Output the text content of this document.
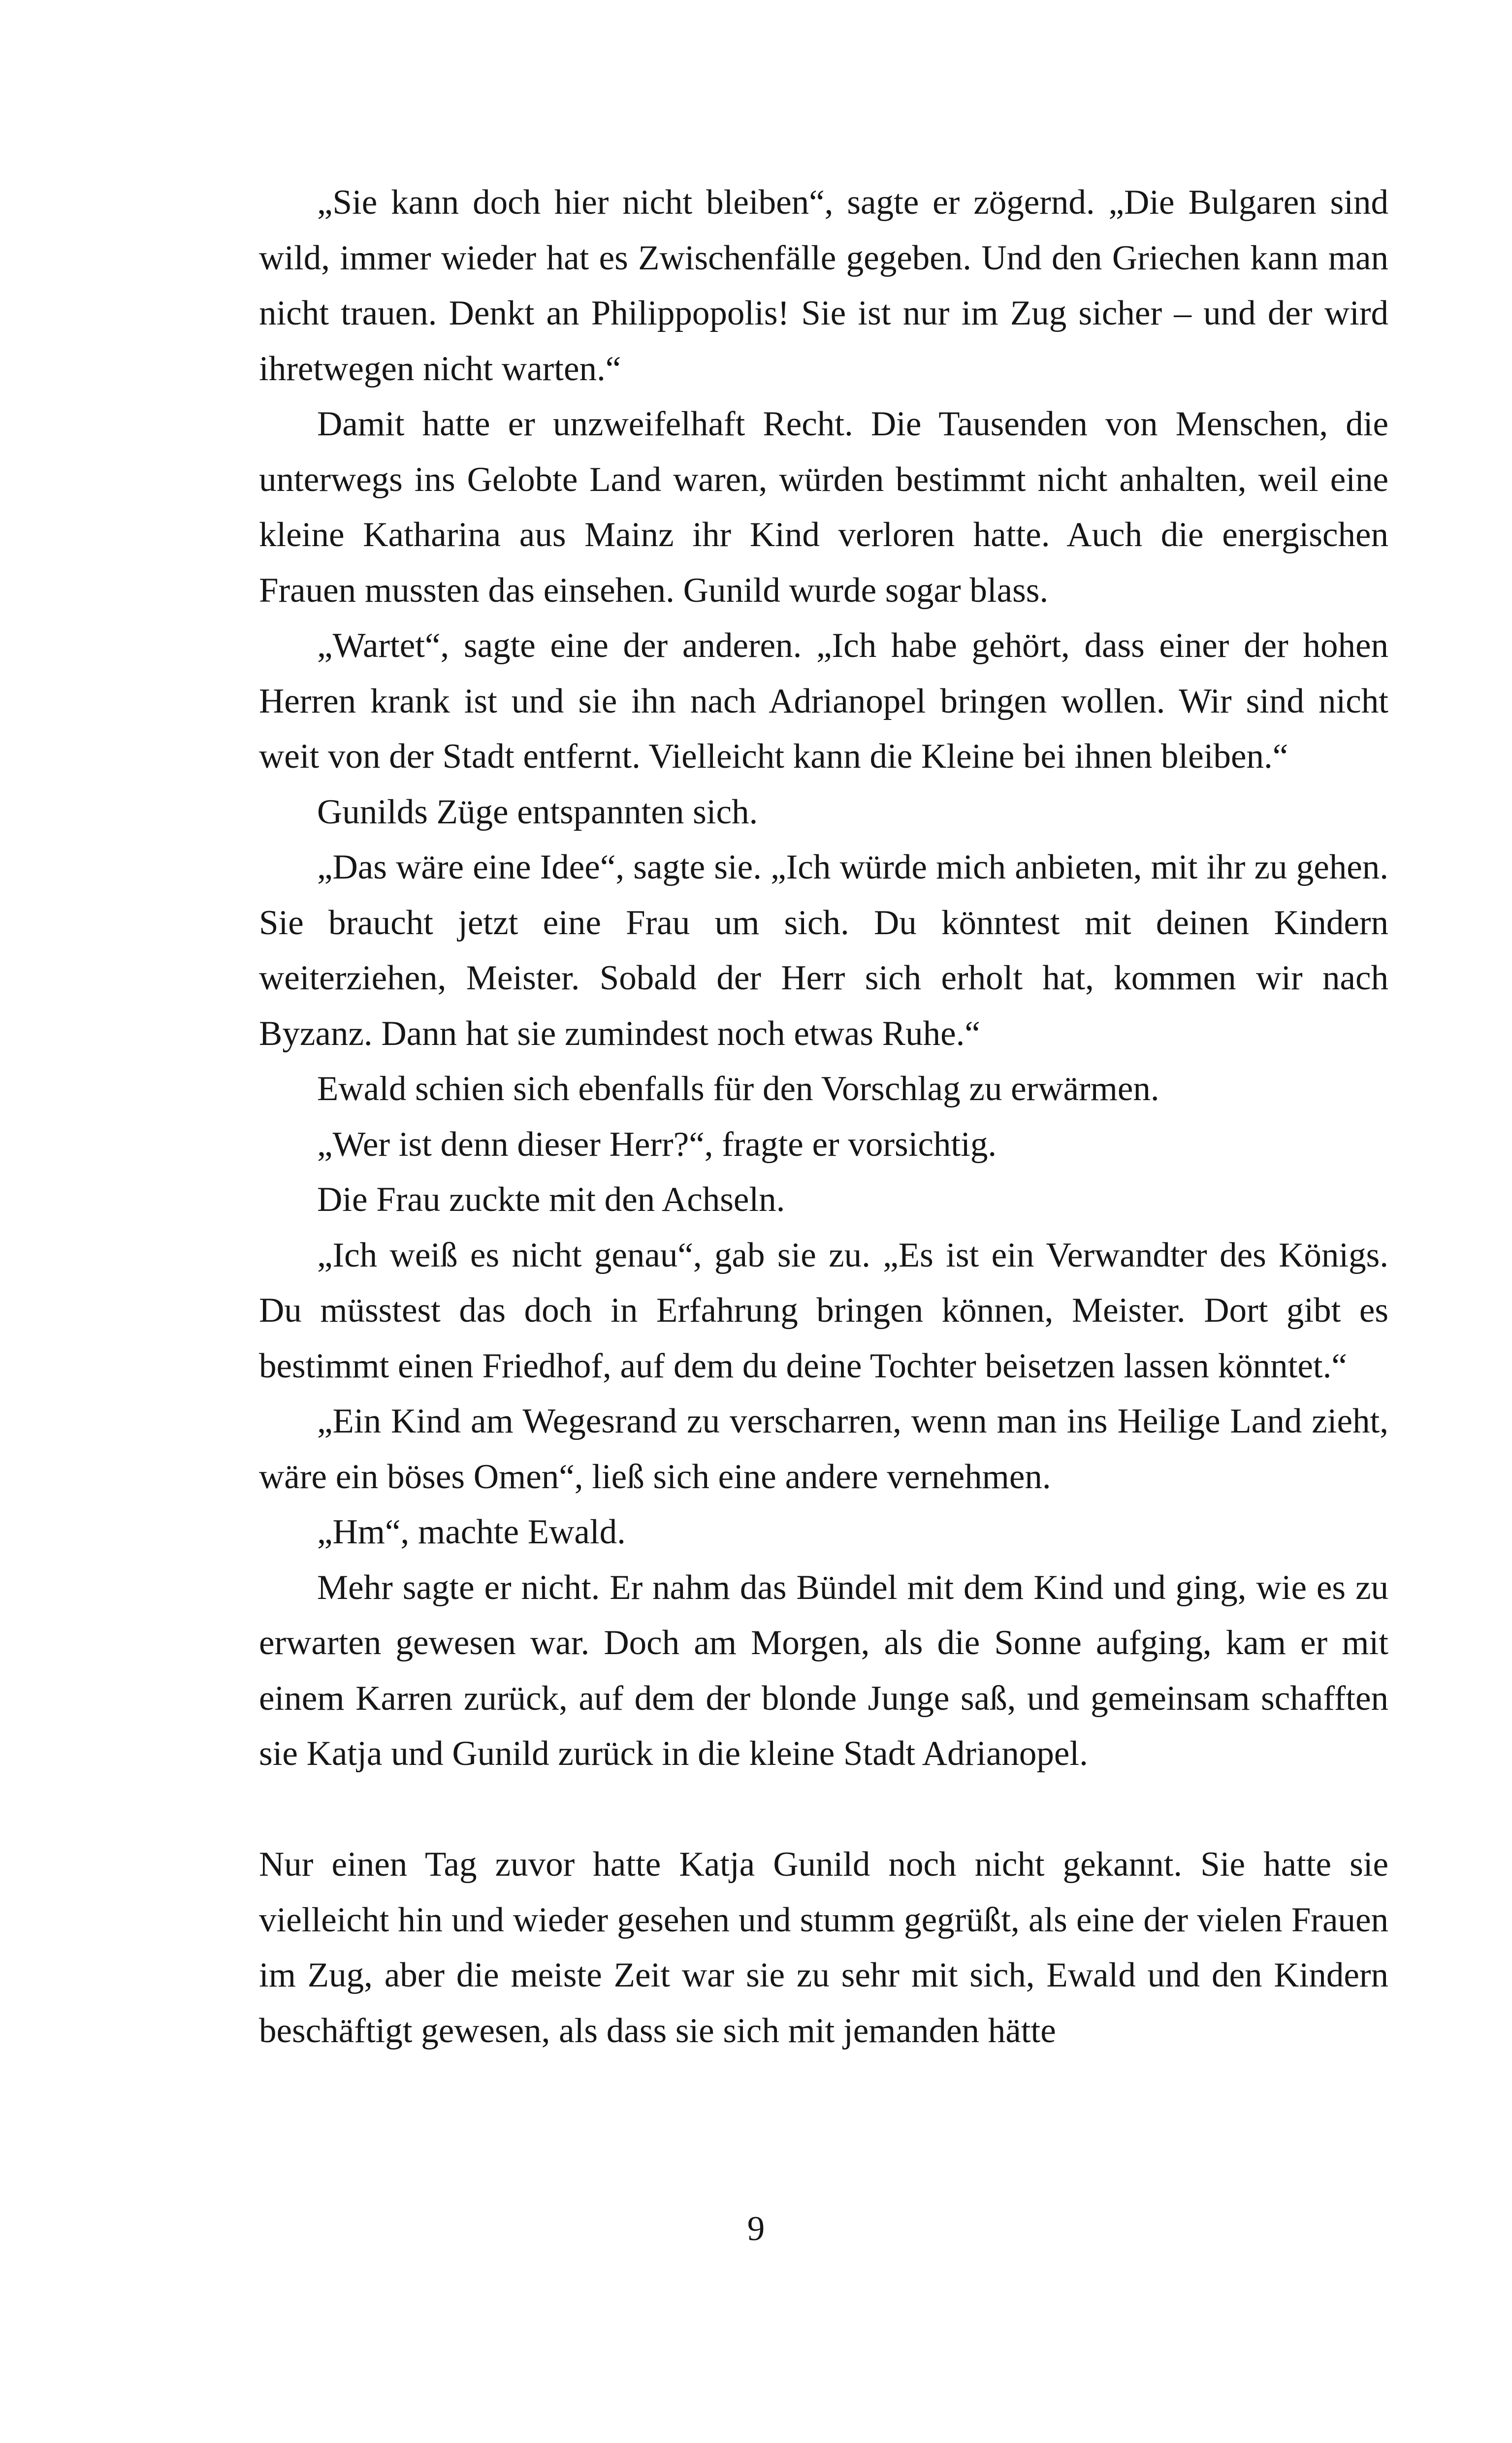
„Sie kann doch hier nicht bleiben“, sagte er zögernd. „Die Bulgaren sind wild, immer wieder hat es Zwischenfälle gegeben. Und den Griechen kann man nicht trauen. Denkt an Philippopolis! Sie ist nur im Zug sicher – und der wird ihretwegen nicht warten.“

Damit hatte er unzweifelhaft Recht. Die Tausenden von Menschen, die unterwegs ins Gelobte Land waren, würden bestimmt nicht anhalten, weil eine kleine Katharina aus Mainz ihr Kind verloren hatte. Auch die energischen Frauen mussten das einsehen. Gunild wurde sogar blass.

„Wartet“, sagte eine der anderen. „Ich habe gehört, dass einer der hohen Herren krank ist und sie ihn nach Adrianopel bringen wollen. Wir sind nicht weit von der Stadt entfernt. Vielleicht kann die Kleine bei ihnen bleiben.“

Gunilds Züge entspannten sich.

„Das wäre eine Idee“, sagte sie. „Ich würde mich anbieten, mit ihr zu gehen. Sie braucht jetzt eine Frau um sich. Du könntest mit deinen Kindern weiterziehen, Meister. Sobald der Herr sich erholt hat, kommen wir nach Byzanz. Dann hat sie zumindest noch etwas Ruhe.“

Ewald schien sich ebenfalls für den Vorschlag zu erwärmen.

„Wer ist denn dieser Herr?“, fragte er vorsichtig.

Die Frau zuckte mit den Achseln.

„Ich weiß es nicht genau“, gab sie zu. „Es ist ein Verwandter des Königs. Du müsstest das doch in Erfahrung bringen können, Meister. Dort gibt es bestimmt einen Friedhof, auf dem du deine Tochter beisetzen lassen könntet.“

„Ein Kind am Wegesrand zu verscharren, wenn man ins Heilige Land zieht, wäre ein böses Omen“, ließ sich eine andere vernehmen.

„Hm“, machte Ewald.

Mehr sagte er nicht. Er nahm das Bündel mit dem Kind und ging, wie es zu erwarten gewesen war. Doch am Morgen, als die Sonne aufging, kam er mit einem Karren zurück, auf dem der blonde Junge saß, und gemeinsam schafften sie Katja und Gunild zurück in die kleine Stadt Adrianopel.

Nur einen Tag zuvor hatte Katja Gunild noch nicht gekannt. Sie hatte sie vielleicht hin und wieder gesehen und stumm gegrüßt, als eine der vielen Frauen im Zug, aber die meiste Zeit war sie zu sehr mit sich, Ewald und den Kindern beschäftigt gewesen, als dass sie sich mit jemanden hätte

9
